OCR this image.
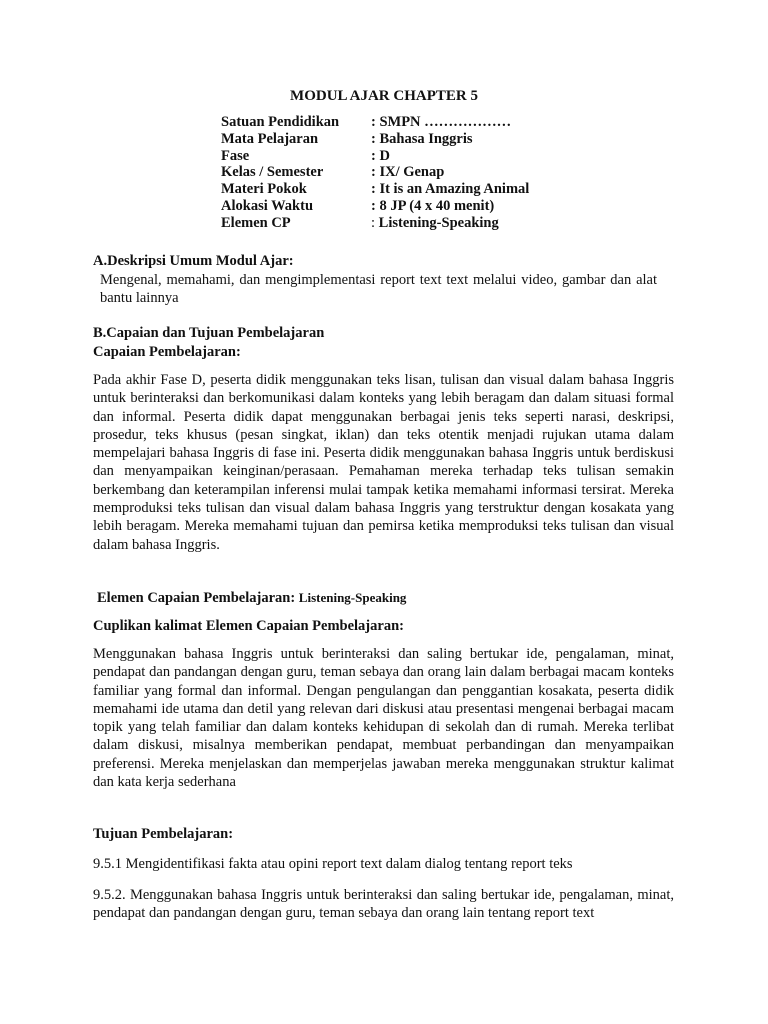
MODUL AJAR CHAPTER 5
Satuan Pendidikan	: SMPN ………………
Mata Pelajaran	: Bahasa Inggris
Fase	: D
Kelas / Semester	: IX/ Genap
Materi Pokok	: It is an Amazing Animal
Alokasi Waktu	: 8 JP (4 x 40 menit)
Elemen CP	: Listening-Speaking
A.Deskripsi Umum Modul Ajar:
Mengenal, memahami, dan mengimplementasi report text text melalui video, gambar dan alat bantu lainnya
B.Capaian dan Tujuan Pembelajaran
Capaian Pembelajaran:
Pada akhir Fase D, peserta didik menggunakan teks lisan, tulisan dan visual dalam bahasa Inggris untuk berinteraksi dan berkomunikasi dalam konteks yang lebih beragam dan dalam situasi formal dan informal. Peserta didik dapat menggunakan berbagai jenis teks seperti narasi, deskripsi, prosedur, teks khusus (pesan singkat, iklan) dan teks otentik menjadi rujukan utama dalam mempelajari bahasa Inggris di fase ini. Peserta didik menggunakan bahasa Inggris untuk berdiskusi dan menyampaikan keinginan/perasaan. Pemahaman mereka terhadap teks tulisan semakin berkembang dan keterampilan inferensi mulai tampak ketika memahami informasi tersirat. Mereka memproduksi teks tulisan dan visual dalam bahasa Inggris yang terstruktur dengan kosakata yang lebih beragam. Mereka memahami tujuan dan pemirsa ketika memproduksi teks tulisan dan visual dalam bahasa Inggris.
Elemen Capaian Pembelajaran: Listening-Speaking
Cuplikan kalimat Elemen Capaian Pembelajaran:
Menggunakan bahasa Inggris untuk berinteraksi dan saling bertukar ide, pengalaman, minat, pendapat dan pandangan dengan guru, teman sebaya dan orang lain dalam berbagai macam konteks familiar yang formal dan informal. Dengan pengulangan dan penggantian kosakata, peserta didik memahami ide utama dan detil yang relevan dari diskusi atau presentasi mengenai berbagai macam topik yang telah familiar dan dalam konteks kehidupan di sekolah dan di rumah. Mereka terlibat dalam diskusi, misalnya memberikan pendapat, membuat perbandingan dan menyampaikan preferensi. Mereka menjelaskan dan memperjelas jawaban mereka menggunakan struktur kalimat dan kata kerja sederhana
Tujuan Pembelajaran:
9.5.1 Mengidentifikasi fakta atau opini report text dalam dialog tentang report teks
9.5.2. Menggunakan bahasa Inggris untuk berinteraksi dan saling bertukar ide, pengalaman, minat, pendapat dan pandangan dengan guru, teman sebaya dan orang lain tentang report text
